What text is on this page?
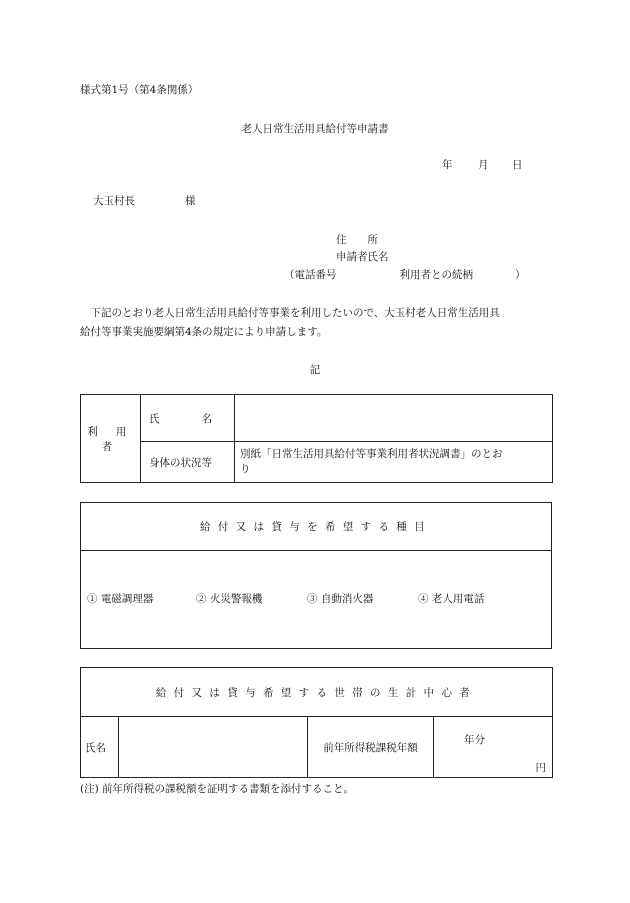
様式第1号（第4条関係）
老人日常生活用具給付等申請書
年 月 日
大玉村長	様
住　　所
申請者氏名
（電話番号　　　　　　利用者との続柄　　　　）
　下記のとおり老人日常生活用具給付等事業を利用したいので、大玉村老人日常生活用具
給付等事業実施要綱第4条の規定により申請します。
記
利 用 者	氏　　　　名	
	身体の状況等	別紙「日常生活用具給付等事業利用者状況調書」のとお
り
給付又は貸与を希望する種目

① 電磁調理器	② 火災警報機	③ 自動消火器	④ 老人用電話
給付又は貸与希望する世帯の生計中心者
氏名		前年所得税課税年額	
年分
円
(注) 前年所得税の課税額を証明する書類を添付すること。
